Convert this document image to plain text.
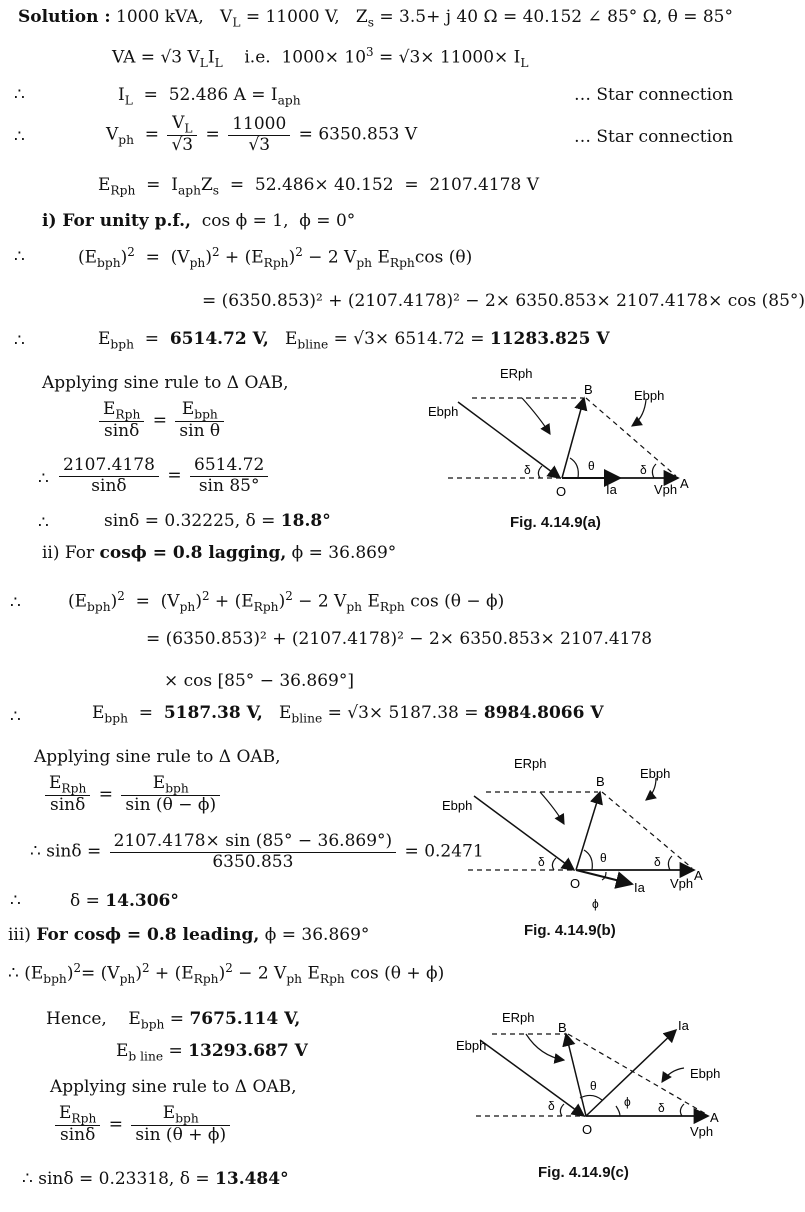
Solution : 1000 kVA,   $V_L = 11000$ V,   $Z_s = 3.5+ j$ 40 Ω = 40.152 ∠ 85° Ω, θ = 85°
VA = √3 $V_LI_L$    i.e.  $1000\times 10^3 = √3\times 11000\times I_L$
∴	$I_L = 52.486$ $A = I_{aph}$	… Star connection
∴	$V_{ph} = \frac{V_L}{√3} = \frac{11000}{√3} = 6350.853$ V	… Star connection
$E_{Rph} = I_{aph}Z_s = 52.486\times 40.152 = 2107.4178$ V
i) For unity p.f.,  cos ϕ = 1,  ϕ = 0°
∴	$(E_{bph})^2 = (V_{ph})^2 + (E_{Rph})^2 - 2$ $V_{ph}$ $E_{Rph}\cos$ (θ)
= (6350.853)² + (2107.4178)² − 2× 6350.853× 2107.4178× cos (85°)
∴	$E_{bph} = 6514.72$ V,   $E_{bline} = √3\times 6514.72 = 11283.825$ V
Applying sine rule to Δ OAB,
$\frac{E_{Rph}}{\sin\delta} = \frac{E_{bph}}{\text{sin θ}}$
∴ $\frac{2107.4178}{\sin\delta} = \frac{6514.72}{\sin 85^\circ}$
∴	sinδ = 0.32225, δ = 18.8°
ii) For cosϕ = 0.8 lagging, ϕ = 36.869°
∴	$(E_{bph})^2 = (V_{ph})^2 + (E_{Rph})^2 - 2$ $V_{ph}$ $E_{Rph}$ cos (θ − ϕ)
= (6350.853)² + (2107.4178)² − 2× 6350.853× 2107.4178
× cos [85° − 36.869°]
∴	$E_{bph} = 5187.38$ V,   $E_{bline} = √3\times 5187.38 = 8984.8066$ V
Applying sine rule to Δ OAB,
$\frac{E_{Rph}}{\sin\delta} = \frac{E_{bph}}{\sin (\theta - \phi)}$
∴ $\sin\delta = \frac{2107.4178\times \sin (85^\circ - 36.869^\circ)}{6350.853} = 0.2471$
∴	δ = 14.306°
iii) For cosϕ = 0.8 leading, ϕ = 36.869°
∴ $(E_{bph})^2= (V_{ph})^2 + (E_{Rph})^2 - 2$ $V_{ph}$ $E_{Rph}$ cos (θ + ϕ)
Hence,    $E_{bph} = 7675.114$ V,
$E_{b line} = 13293.687$ V
Applying sine rule to Δ OAB,
$\frac{E_{Rph}}{\sin\delta} = \frac{E_{bph}}{\sin (\theta + \phi)}$
∴ sinδ = 0.23318, δ = 13.484°
ERph
Ebph
Ebph
B
O
A
δ	θ	δ
Ia	Vph
Fig. 4.14.9(a)
ERph
Ebph
Ebph
B
O
A
δ	θ	δ
ϕ
Ia Vph
Fig. 4.14.9(b)
ERph
Ebph
Ebph
B
O
A
δ
θ
δ
ϕ
Ia
Vph
Fig. 4.14.9(c)
